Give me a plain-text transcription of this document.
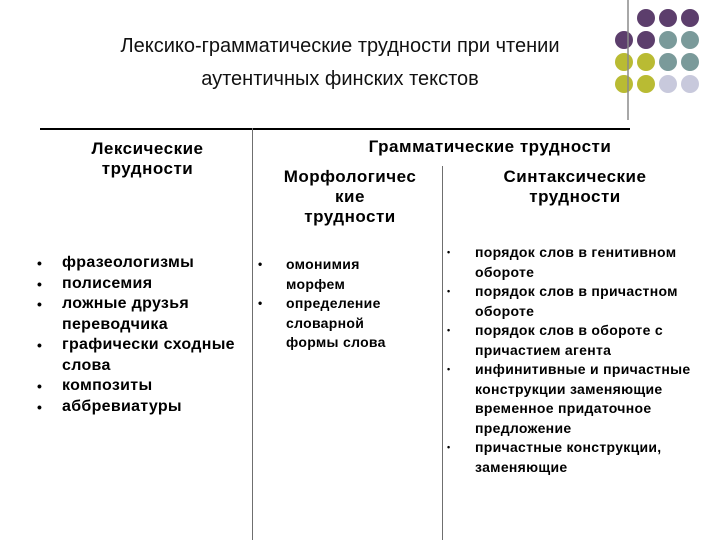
Лексико-грамматические трудности при чтении
аутентичных финских текстов
Лексические
трудности
Грамматические трудности
Морфологичес
кие
трудности
Синтаксические
трудности
• фразеологизмы
• полисемия
• ложные друзья переводчика
• графически сходные слова
• композиты
• аббревиатуры
• омонимия морфем
• определение словарной формы слова
• порядок слов в генитивном обороте
• порядок слов в причастном обороте
• порядок слов в обороте с причастием агента
• инфинитивные и причастные конструкции заменяющие временное придаточное предложение
• причастные конструкции, заменяющие
